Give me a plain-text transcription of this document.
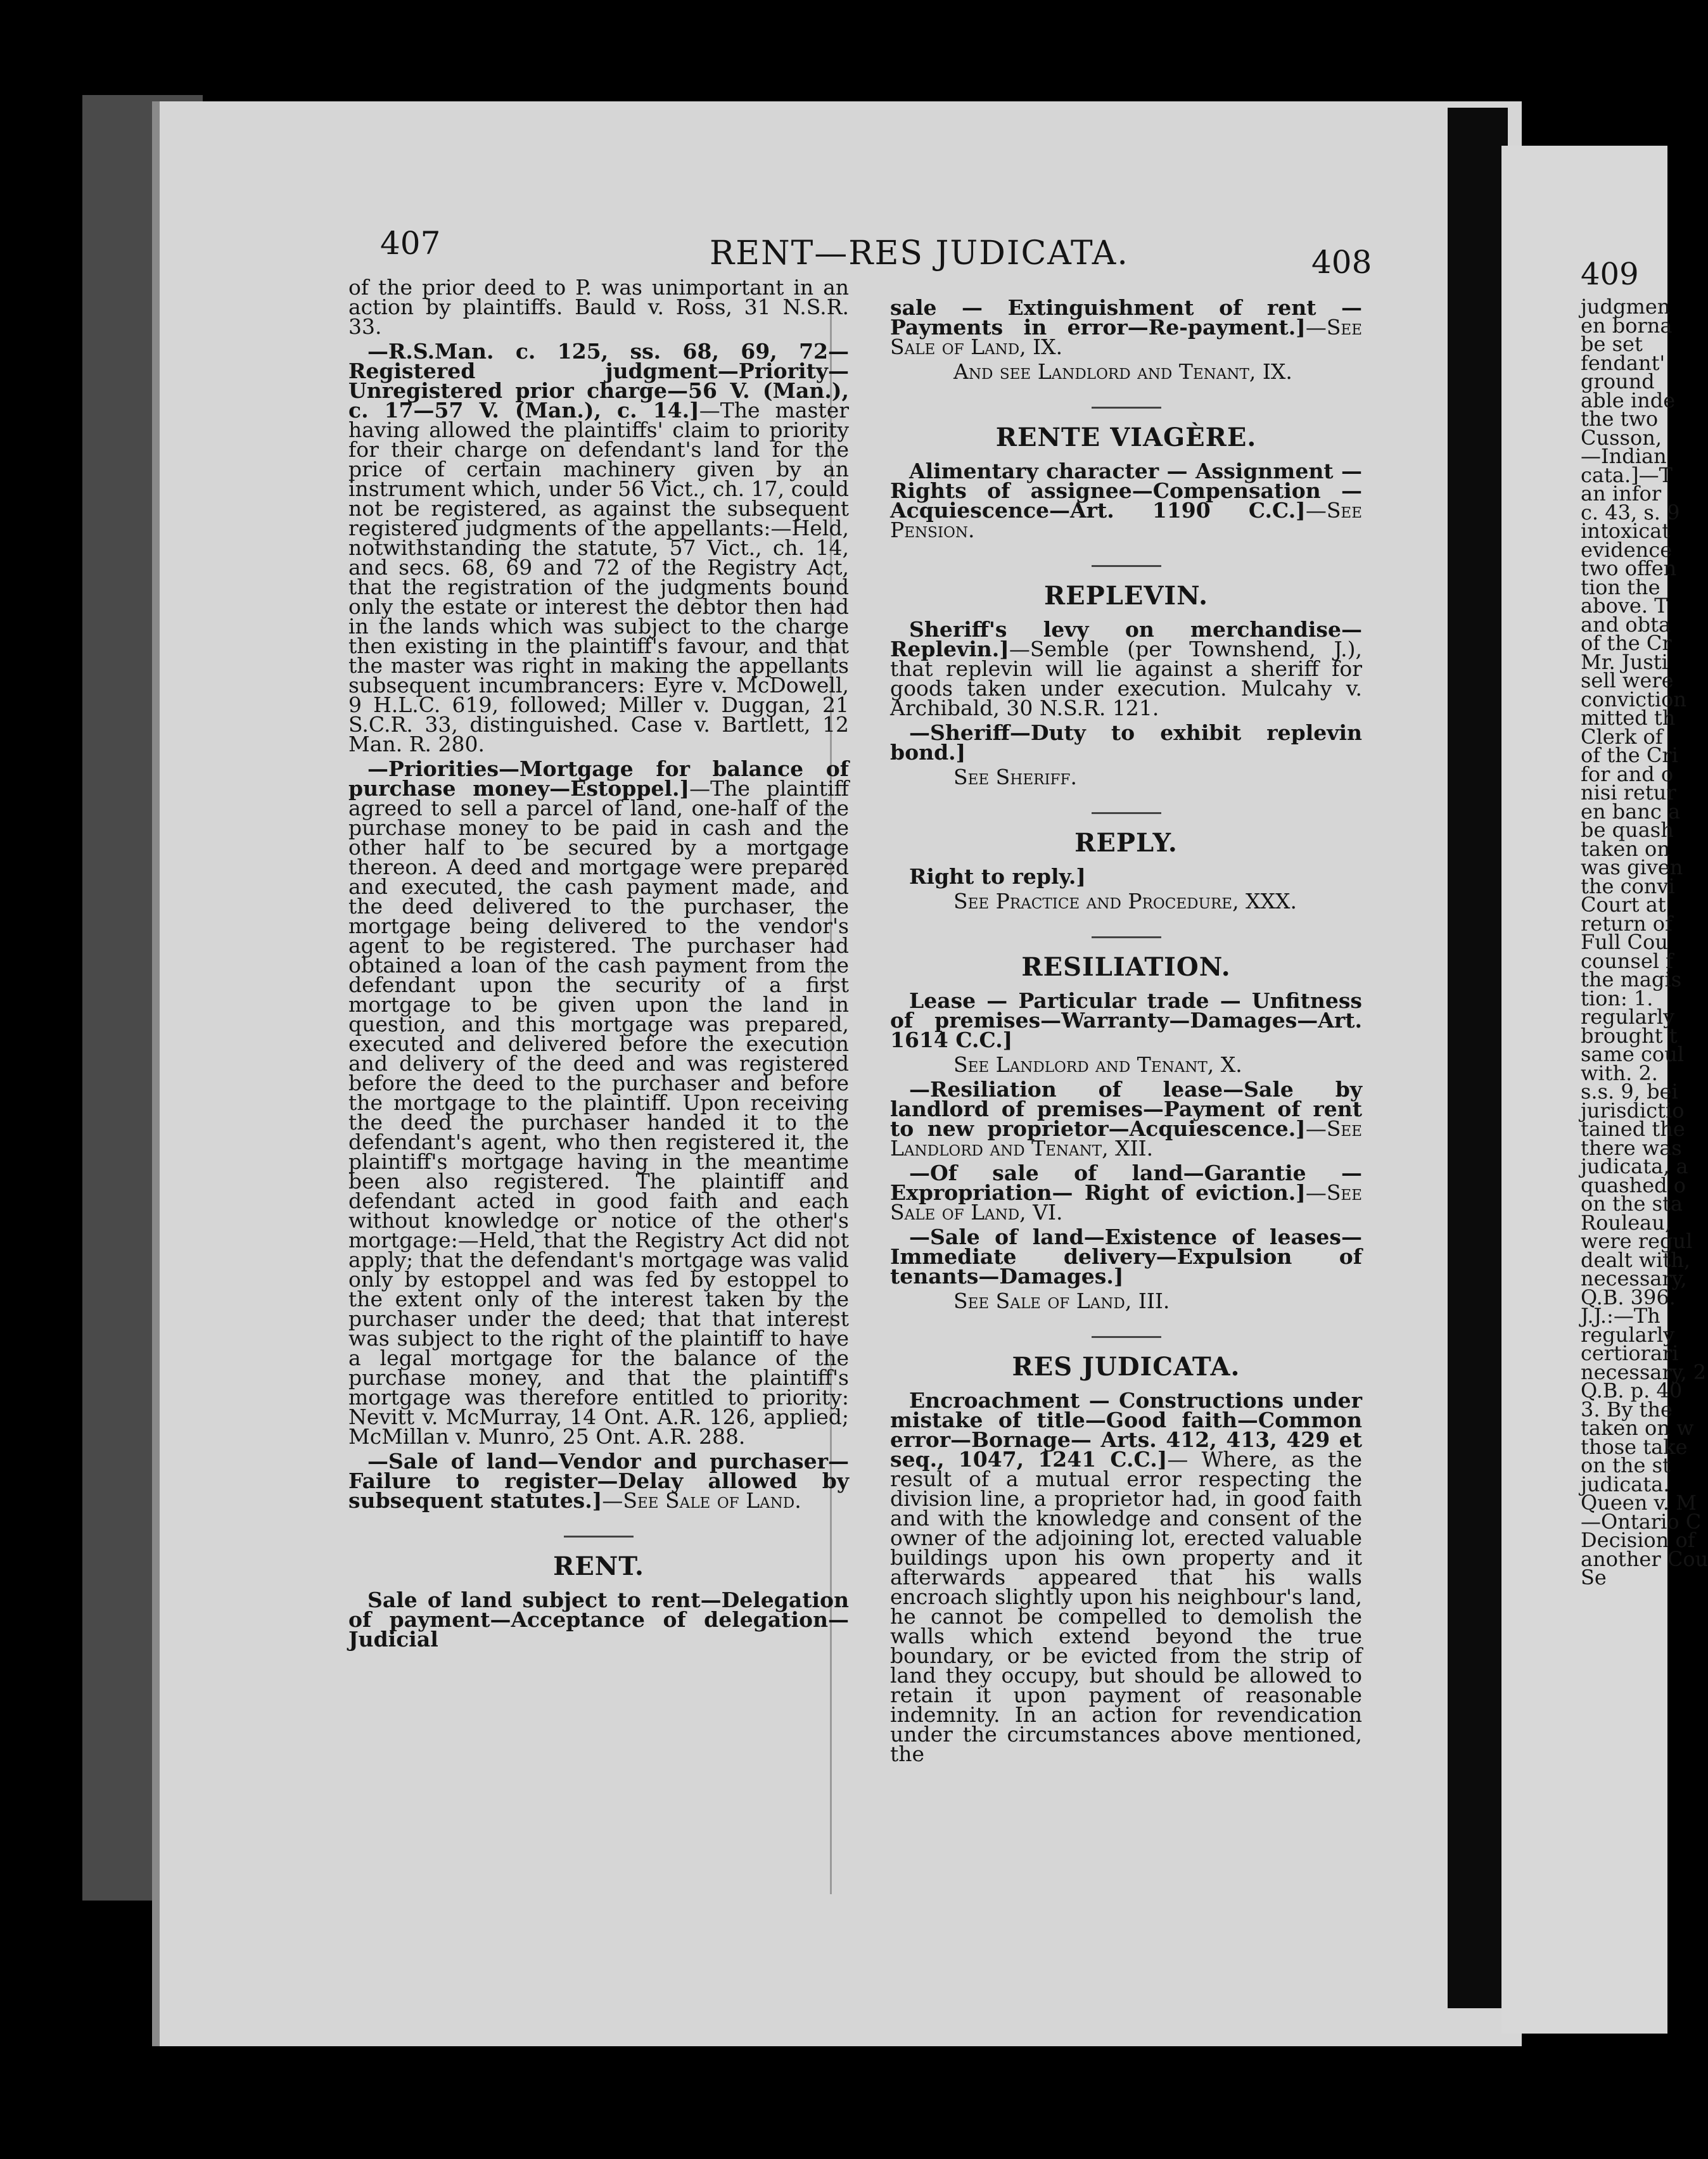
407	RENT—RES JUDICATA.	408	409

of the prior deed to P. was unimportant in an action by plaintiffs. Bauld v. Ross, 31 N.S.R. 33.

—R.S.Man. c. 125, ss. 68, 69, 72—Registered judgment—Priority—Unregistered prior charge—56 V. (Man.), c. 17—57 V. (Man.), c. 14.]—The master having allowed the plaintiffs' claim to priority for their charge on defendant's land for the price of certain machinery given by an instrument which, under 56 Vict., ch. 17, could not be registered, as against the subsequent registered judgments of the appellants:—Held, notwithstanding the statute, 57 Vict., ch. 14, and secs. 68, 69 and 72 of the Registry Act, that the registration of the judgments bound only the estate or interest the debtor then had in the lands which was subject to the charge then existing in the plaintiff's favour, and that the master was right in making the appellants subsequent incumbrancers: Eyre v. McDowell, 9 H.L.C. 619, followed; Miller v. Duggan, 21 S.C.R. 33, distinguished. Case v. Bartlett, 12 Man. R. 280.

—Priorities—Mortgage for balance of purchase money—Estoppel.]—The plaintiff agreed to sell a parcel of land, one-half of the purchase money to be paid in cash and the other half to be secured by a mortgage thereon. A deed and mortgage were prepared and executed, the cash payment made, and the deed delivered to the purchaser, the mortgage being delivered to the vendor's agent to be registered. The purchaser had obtained a loan of the cash payment from the defendant upon the security of a first mortgage to be given upon the land in question, and this mortgage was prepared, executed and delivered before the execution and delivery of the deed and was registered before the deed to the purchaser and before the mortgage to the plaintiff. Upon receiving the deed the purchaser handed it to the defendant's agent, who then registered it, the plaintiff's mortgage having in the meantime been also registered. The plaintiff and defendant acted in good faith and each without knowledge or notice of the other's mortgage:—Held, that the Registry Act did not apply; that the defendant's mortgage was valid only by estoppel and was fed by estoppel to the extent only of the interest taken by the purchaser under the deed; that that interest was subject to the right of the plaintiff to have a legal mortgage for the balance of the purchase money, and that the plaintiff's mortgage was therefore entitled to priority: Nevitt v. McMurray, 14 Ont. A.R. 126, applied; McMillan v. Munro, 25 Ont. A.R. 288.

—Sale of land—Vendor and purchaser—Failure to register—Delay allowed by subsequent statutes.]—See Sale of Land.

RENT.

Sale of land subject to rent—Delegation of payment—Acceptance of delegation—Judicial

sale — Extinguishment of rent — Payments in error—Re-payment.]—See Sale of Land, IX.

And see Landlord and Tenant, IX.

RENTE VIAGÈRE.

Alimentary character — Assignment — Rights of assignee—Compensation — Acquiescence—Art. 1190 C.C.]—See Pension.

REPLEVIN.

Sheriff's levy on merchandise—Replevin.]—Semble (per Townshend, J.), that replevin will lie against a sheriff for goods taken under execution. Mulcahy v. Archibald, 30 N.S.R. 121.

—Sheriff—Duty to exhibit replevin bond.]

See Sheriff.

REPLY.

Right to reply.]

See Practice and Procedure, XXX.

RESILIATION.

Lease — Particular trade — Unfitness of premises—Warranty—Damages—Art. 1614 C.C.]

See Landlord and Tenant, X.

—Resiliation of lease—Sale by landlord of premises—Payment of rent to new proprietor—Acquiescence.]—See Landlord and Tenant, XII.

—Of sale of land—Garantie — Expropriation— Right of eviction.]—See Sale of Land, VI.

—Sale of land—Existence of leases—Immediate delivery—Expulsion of tenants—Damages.]

See Sale of Land, III.

RES JUDICATA.

Encroachment — Constructions under mistake of title—Good faith—Common error—Bornage— Arts. 412, 413, 429 et seq., 1047, 1241 C.C.]— Where, as the result of a mutual error respecting the division line, a proprietor had, in good faith and with the knowledge and consent of the owner of the adjoining lot, erected valuable buildings upon his own property and it afterwards appeared that his walls encroach slightly upon his neighbour's land, he cannot be compelled to demolish the walls which extend beyond the true boundary, or be evicted from the strip of land they occupy, but should be allowed to retain it upon payment of reasonable indemnity. In an action for revendication under the circumstances above mentioned, the

judgmen
en borna
be set
fendant'
ground
able inde
the two
Cusson,
—Indian
cata.]—T
an infor
c. 43, s. 9
intoxicat
evidence
two offen
tion the
above. T
and obta
of the Cr
Mr. Justi
sell were
conviction
mitted th
Clerk of
of the Cri
for and o
nisi retur
en banc a
be quash
taken on
was given
the convi
Court at
return of
Full Cou
counsel f
the magis
tion: 1.
regularly
brought t
same coul
with. 2.
s.s. 9, bei
jurisdictio
tained the
there was
judicata, a
quashed o
on the sta
Rouleau,
were regul
dealt with,
necessary,
Q.B. 396.
J.J.:—Th
regularly
certiorari
necessary, 2
Q.B. p. 40
3. By the
taken on w
those take
on the st
judicata.
Queen v. M
—Ontario C
Decision of
another Cou
Se
